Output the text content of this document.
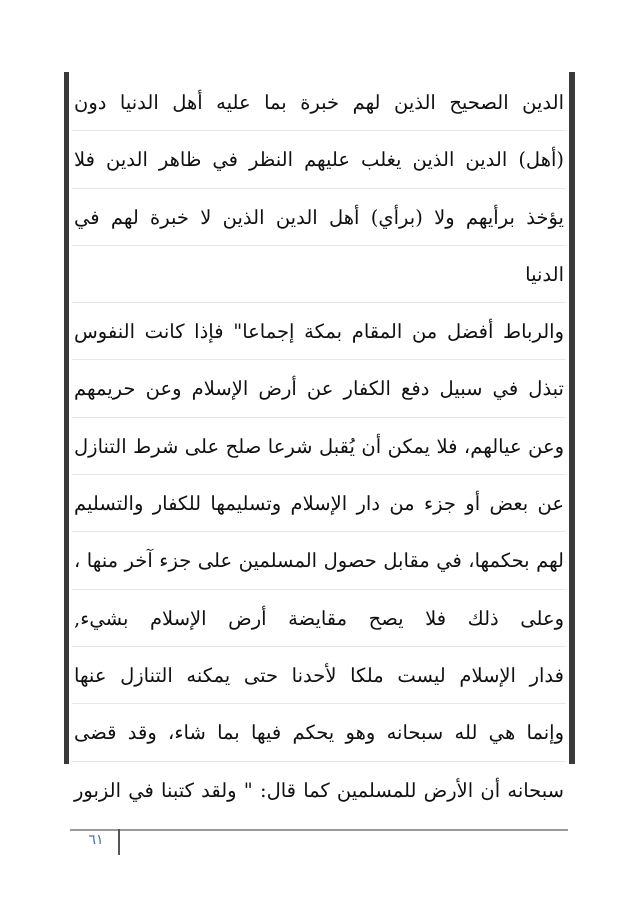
الدين الصحيح الذين لهم خبرة بما عليه أهل الدنيا دون
(أهل) الدين الذين يغلب عليهم النظر في ظاهر الدين فلا
يؤخذ برأيهم ولا (برأي) أهل الدين الذين لا خبرة لهم في
الدنيا
والرباط أفضل من المقام بمكة إجماعا" فإذا كانت النفوس
تبذل في سبيل دفع الكفار عن أرض الإسلام وعن حريمهم
وعن عيالهم، فلا يمكن أن يُقبل شرعا صلح على شرط التنازل
عن بعض أو جزء من دار الإسلام وتسليمها للكفار والتسليم
لهم بحكمها، في مقابل حصول المسلمين على جزء آخر منها ،
وعلى ذلك فلا يصح مقايضة أرض الإسلام بشيء,
فدار الإسلام ليست ملكا لأحدنا حتى يمكنه التنازل عنها
وإنما هي لله سبحانه وهو يحكم فيها بما شاء، وقد قضى
سبحانه أن الأرض للمسلمين كما قال: " ولقد كتبنا في الزبور
٦١
